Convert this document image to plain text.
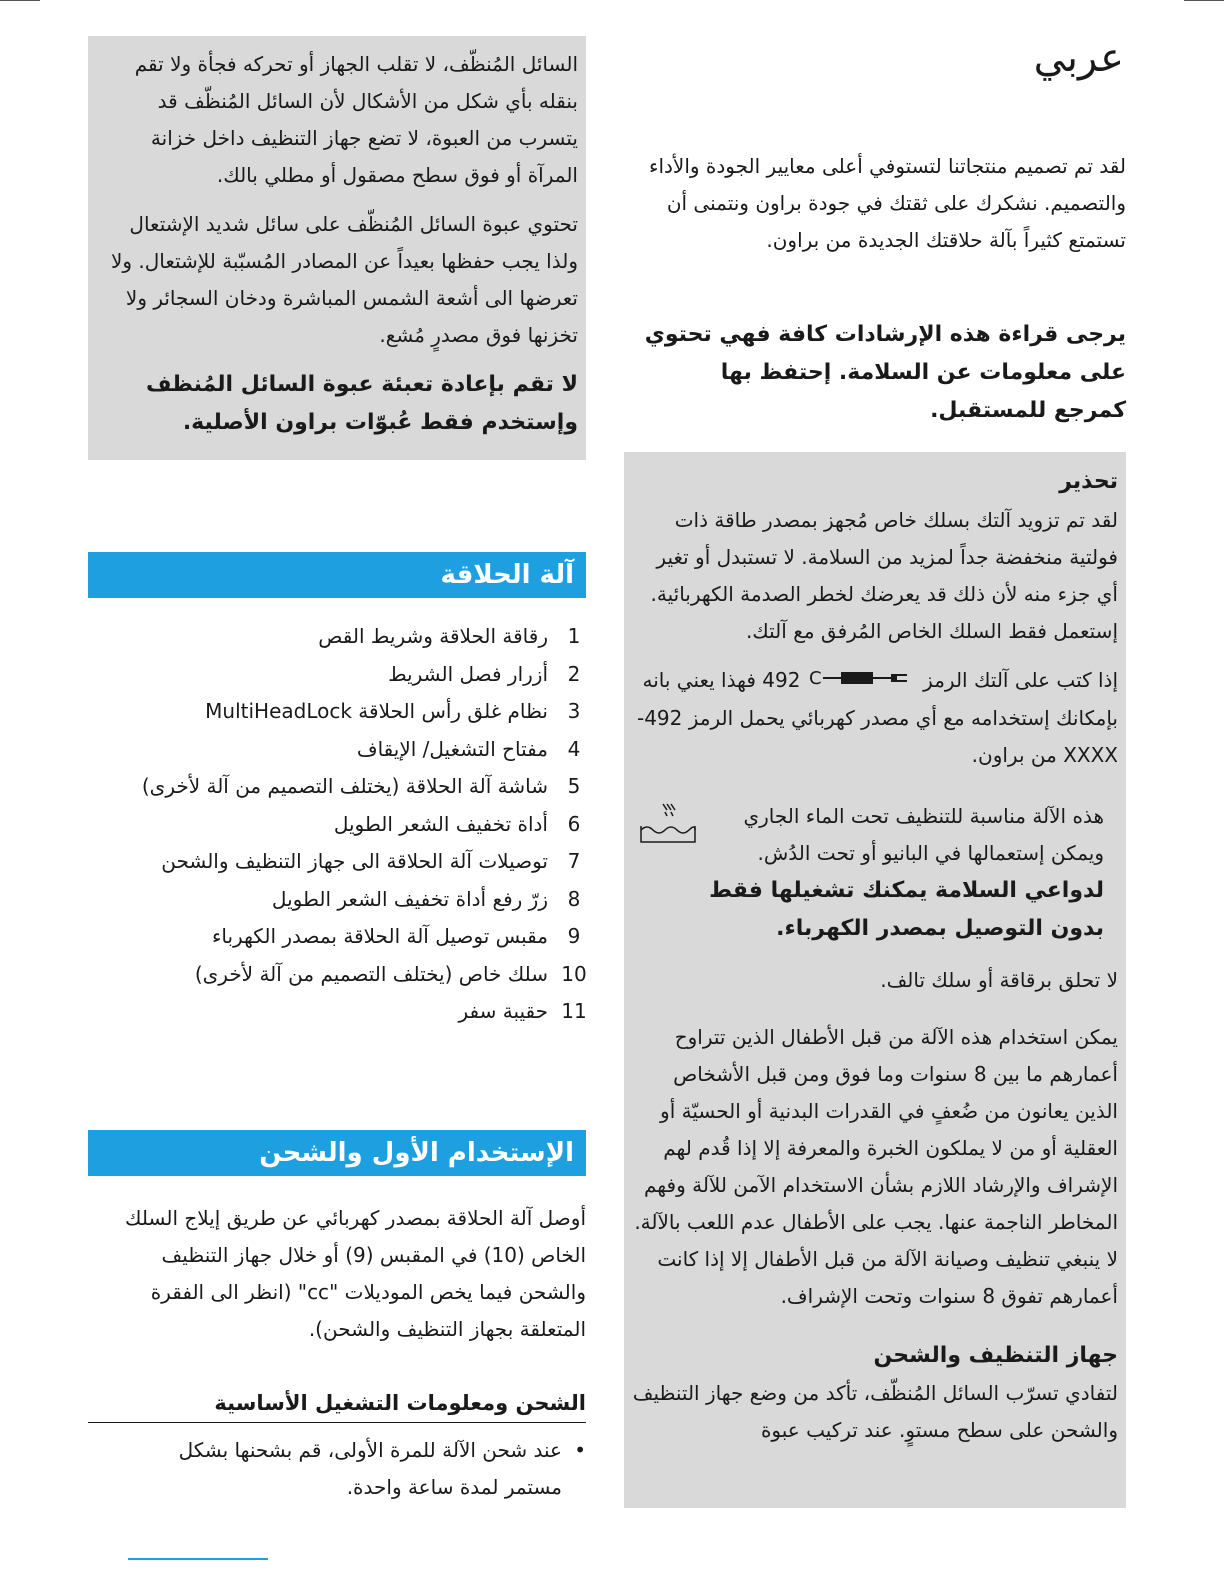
عربي

لقد تم تصميم منتجاتنا لتستوفي أعلى معايير الجودة والأداء والتصميم. نشكرك على ثقتك في جودة براون ونتمنى أن تستمتع كثيراً بآلة حلاقتك الجديدة من براون.

يرجى قراءة هذه الإرشادات كافة فهي تحتوي على معلومات عن السلامة. إحتفظ بها كمرجع للمستقبل.

تحذير

لقد تم تزويد آلتك بسلك خاص مُجهز بمصدر طاقة ذات فولتية منخفضة جداً لمزيد من السلامة. لا تستبدل أو تغير أي جزء منه لأن ذلك قد يعرضك لخطر الصدمة الكهربائية. إستعمل فقط السلك الخاص المُرفق مع آلتك.

إذا كتب على آلتك الرمز
C
492 فهذا يعني بانه بإمكانك إستخدامه مع أي مصدر كهربائي يحمل الرمز 492-XXXX من براون.

هذه الآلة مناسبة للتنظيف تحت الماء الجاري ويمكن إستعمالها في البانيو أو تحت الدُش.

لدواعي السلامة يمكنك تشغيلها فقط بدون التوصيل بمصدر الكهرباء.

لا تحلق برقاقة أو سلك تالف.

يمكن استخدام هذه الآلة من قبل الأطفال الذين تتراوح أعمارهم ما بين 8 سنوات وما فوق ومن قبل الأشخاص الذين يعانون من ضُعفٍ في القدرات البدنية أو الحسيّة أو العقلية أو من لا يملكون الخبرة والمعرفة إلا إذا قُدم لهم الإشراف والإرشاد اللازم بشأن الاستخدام الآمن للآلة وفهم المخاطر الناجمة عنها. يجب على الأطفال عدم اللعب بالآلة. لا ينبغي تنظيف وصيانة الآلة من قبل الأطفال إلا إذا كانت أعمارهم تفوق 8 سنوات وتحت الإشراف.

جهاز التنظيف والشحن

لتفادي تسرّب السائل المُنظّف، تأكد من وضع جهاز التنظيف والشحن على سطح مستوٍ. عند تركيب عبوة

السائل المُنظّف، لا تقلب الجهاز أو تحركه فجأة ولا تقم بنقله بأي شكل من الأشكال لأن السائل المُنظّف قد يتسرب من العبوة، لا تضع جهاز التنظيف داخل خزانة المرآة أو فوق سطح مصقول أو مطلي بالك.

تحتوي عبوة السائل المُنظّف على سائل شديد الإشتعال ولذا يجب حفظها بعيداً عن المصادر المُسبّبة للإشتعال. ولا تعرضها الى أشعة الشمس المباشرة ودخان السجائر ولا تخزنها فوق مصدرٍ مُشع.

لا تقم بإعادة تعبئة عبوة السائل المُنظف وإستخدم فقط عُبوّات براون الأصلية.

آلة الحلاقة
1
رقاقة الحلاقة وشريط القص
2
أزرار فصل الشريط
3
نظام غلق رأس الحلاقة MultiHeadLock
4
مفتاح التشغيل/ الإيقاف
5
شاشة آلة الحلاقة (يختلف التصميم من آلة لأخرى)
6
أداة تخفيف الشعر الطويل
7
توصيلات آلة الحلاقة الى جهاز التنظيف والشحن
8
زرّ رفع أداة تخفيف الشعر الطويل
9
مقبس توصيل آلة الحلاقة بمصدر الكهرباء
10
سلك خاص (يختلف التصميم من آلة لأخرى)
11
حقيبة سفر
الإستخدام الأول والشحن

أوصل آلة الحلاقة بمصدر كهربائي عن طريق إيلاج السلك الخاص (10) في المقبس (9) أو خلال جهاز التنظيف والشحن فيما يخص الموديلات "cc" (انظر الى الفقرة المتعلقة بجهاز التنظيف والشحن).

الشحن ومعلومات التشغيل الأساسية
•

عند شحن الآلة للمرة الأولى، قم بشحنها بشكل مستمر لمدة ساعة واحدة.
